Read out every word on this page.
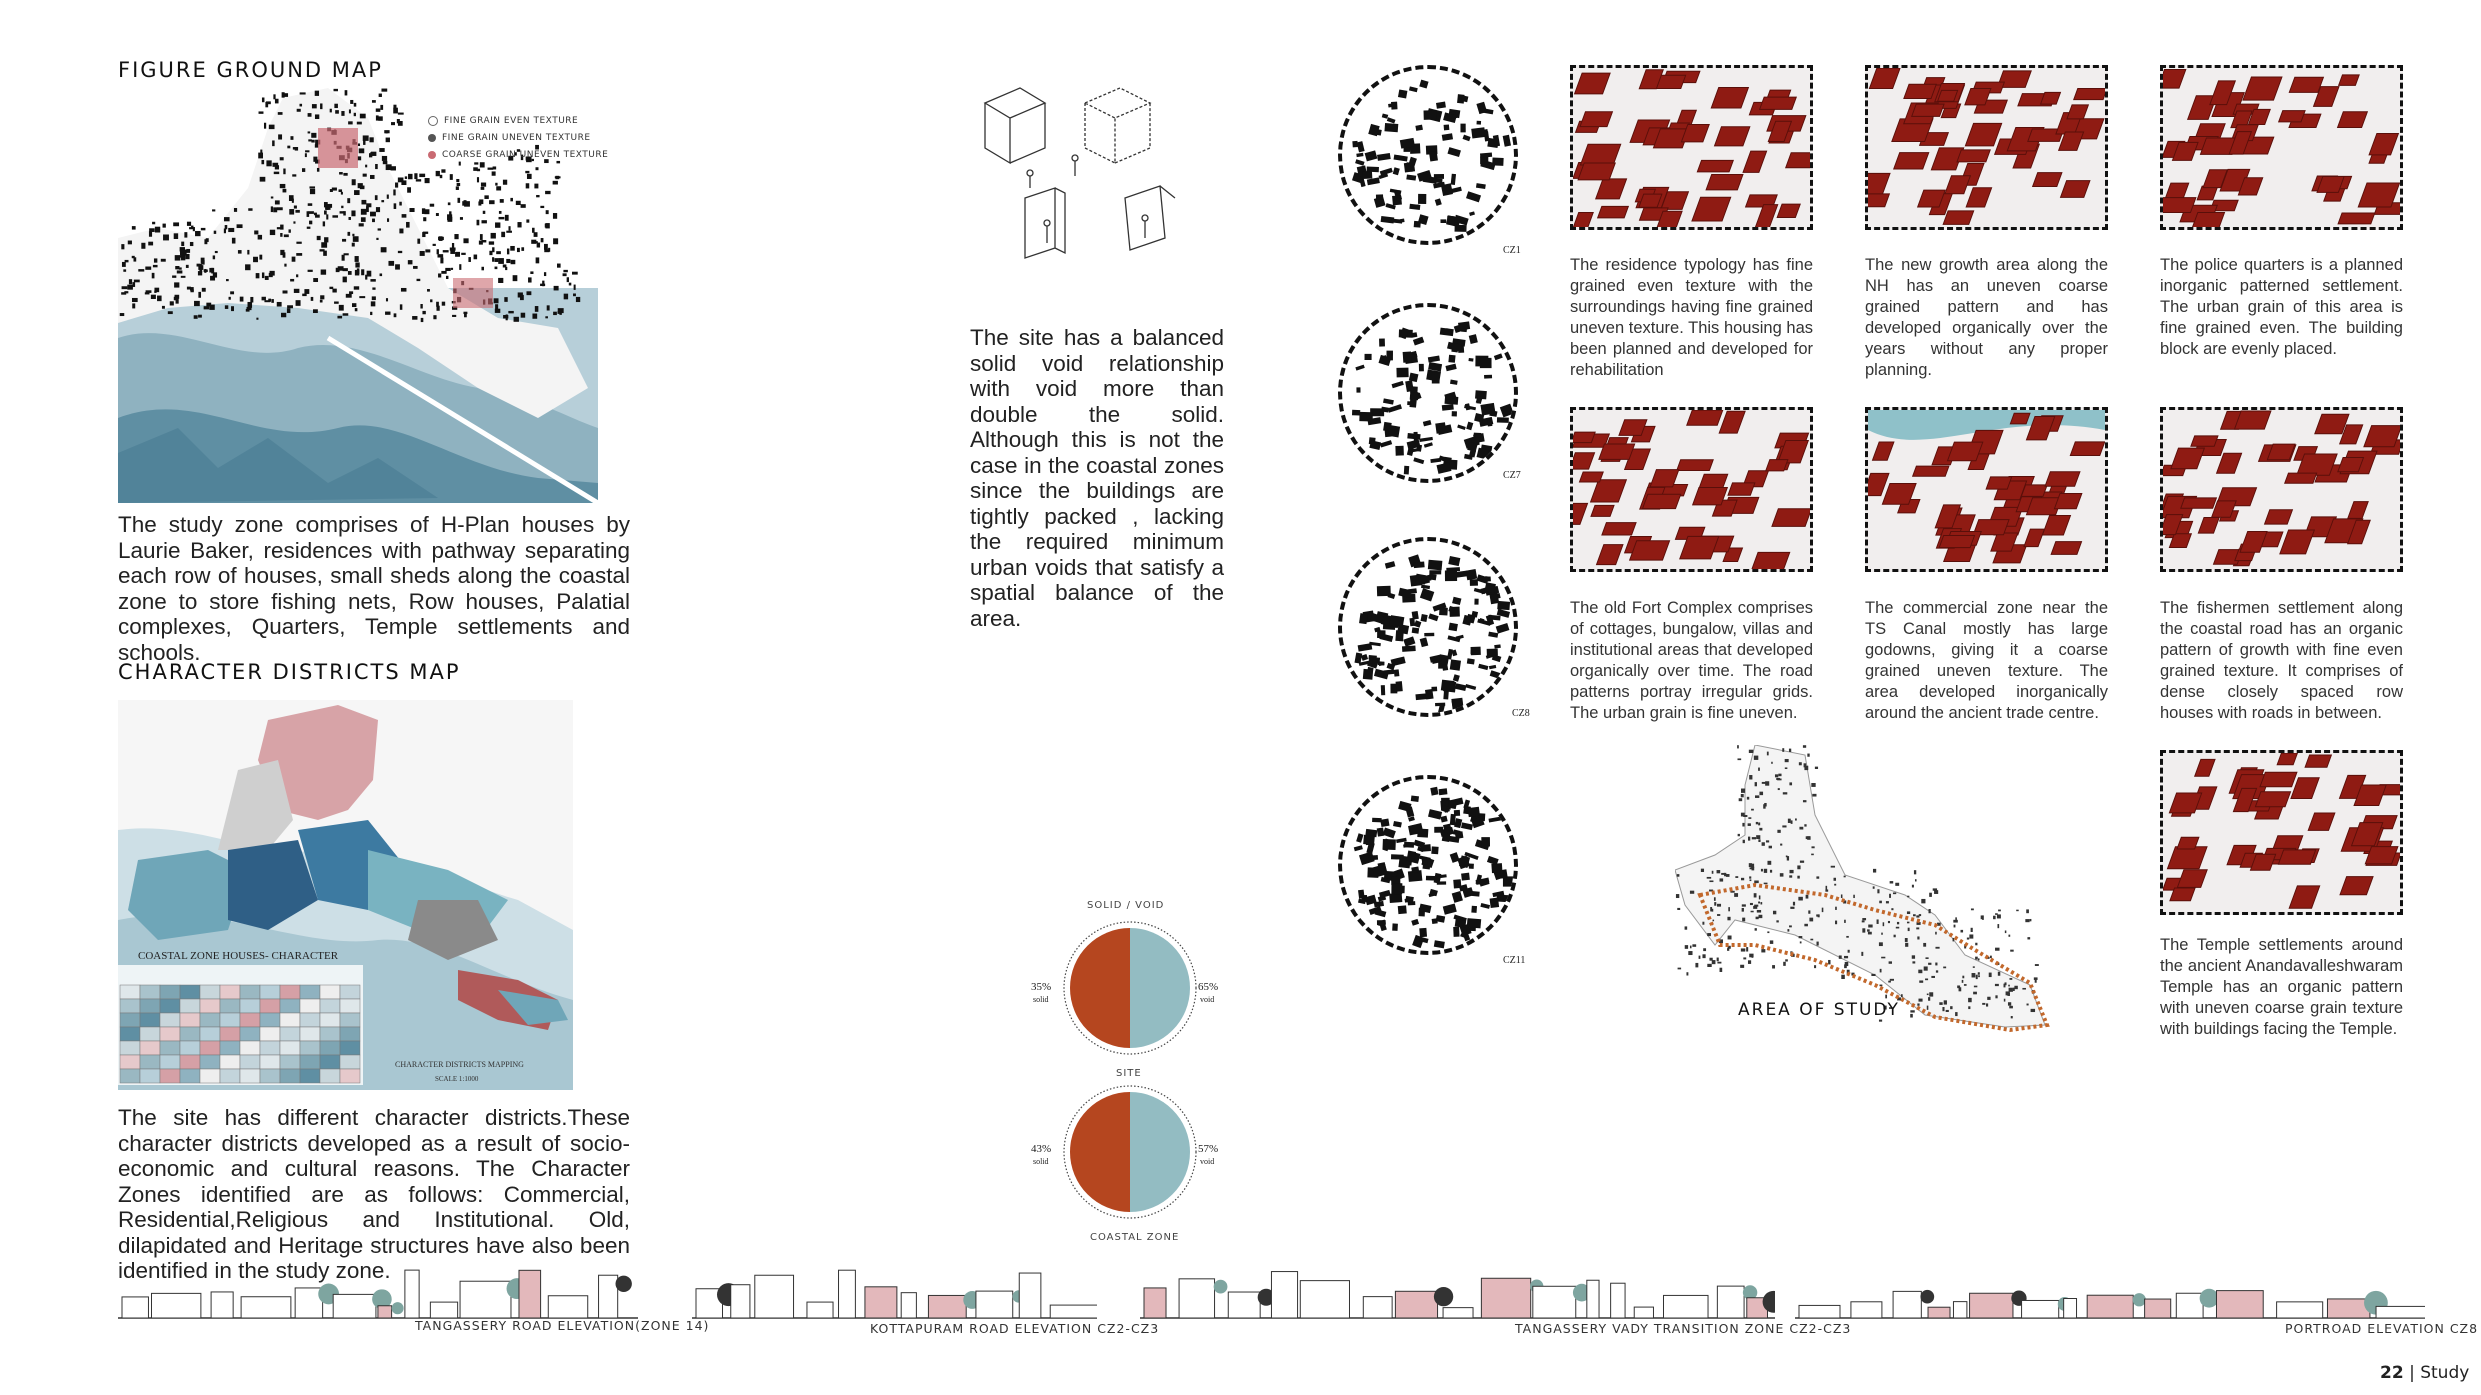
FIGURE GROUND MAP
FINE GRAIN EVEN TEXTURE
FINE GRAIN UNEVEN TEXTURE
COARSE GRAIN UNEVEN TEXTURE
The study zone comprises of H-Plan houses by Laurie Baker, residences with pathway separating each row of houses, small sheds along the coastal zone to store fishing nets, Row houses, Palatial complexes, Quarters, Temple settlements and schools.
CHARACTER DISTRICTS MAP
COASTAL ZONE HOUSES- CHARACTER
CHARACTER DISTRICTS MAPPING
SCALE 1:1000
The site has different character districts.These character districts developed as a result of socio-economic and cultural reasons. The Character Zones identified are as follows: Commercial, Residential,Religious and Institutional. Old, dilapidated and Heritage structures have also been identified in the study zone.
The site has a balanced solid void relationship with void more than double the solid. Although this is not the case in the coastal zones since the buildings are tightly packed , lacking the required minimum urban voids that satisfy a spatial balance of the area.
SOLID / VOID
SITE
COASTAL ZONE
35%
solid
65%
void
43%
solid
57%
void
CZ1
CZ7
CZ8
CZ11
The residence typology has fine grained even texture with the surroundings having fine grained uneven texture. This housing has been planned and developed for rehabilitation
The new growth area along the NH has an uneven coarse grained pattern and has developed organically over the years without any proper planning.
The police quarters is a planned inorganic patterned settlement. The urban grain of this area is fine grained even. The building block are evenly placed.
The old Fort Complex comprises of cottages, bungalow, villas and institutional areas that developed organically over time. The road patterns portray irregular grids. The urban grain is fine uneven.
The commercial zone near the TS Canal mostly has large godowns, giving it a coarse grained uneven texture. The area developed inorganically around the ancient trade centre.
The fishermen settlement along the coastal road has an organic pattern of growth with fine even grained texture. It comprises of dense closely spaced row houses with roads in between.
The Temple settlements around the ancient Anandavalleshwaram Temple has an organic pattern with uneven coarse grain texture with buildings facing the Temple.
AREA OF STUDY
TANGASSERY ROAD ELEVATION(ZONE 14)	KOTTAPURAM ROAD ELEVATION CZ2-CZ3	TANGASSERY VADY TRANSITION ZONE CZ2-CZ3	PORTROAD ELEVATION CZ8
22 | Study
